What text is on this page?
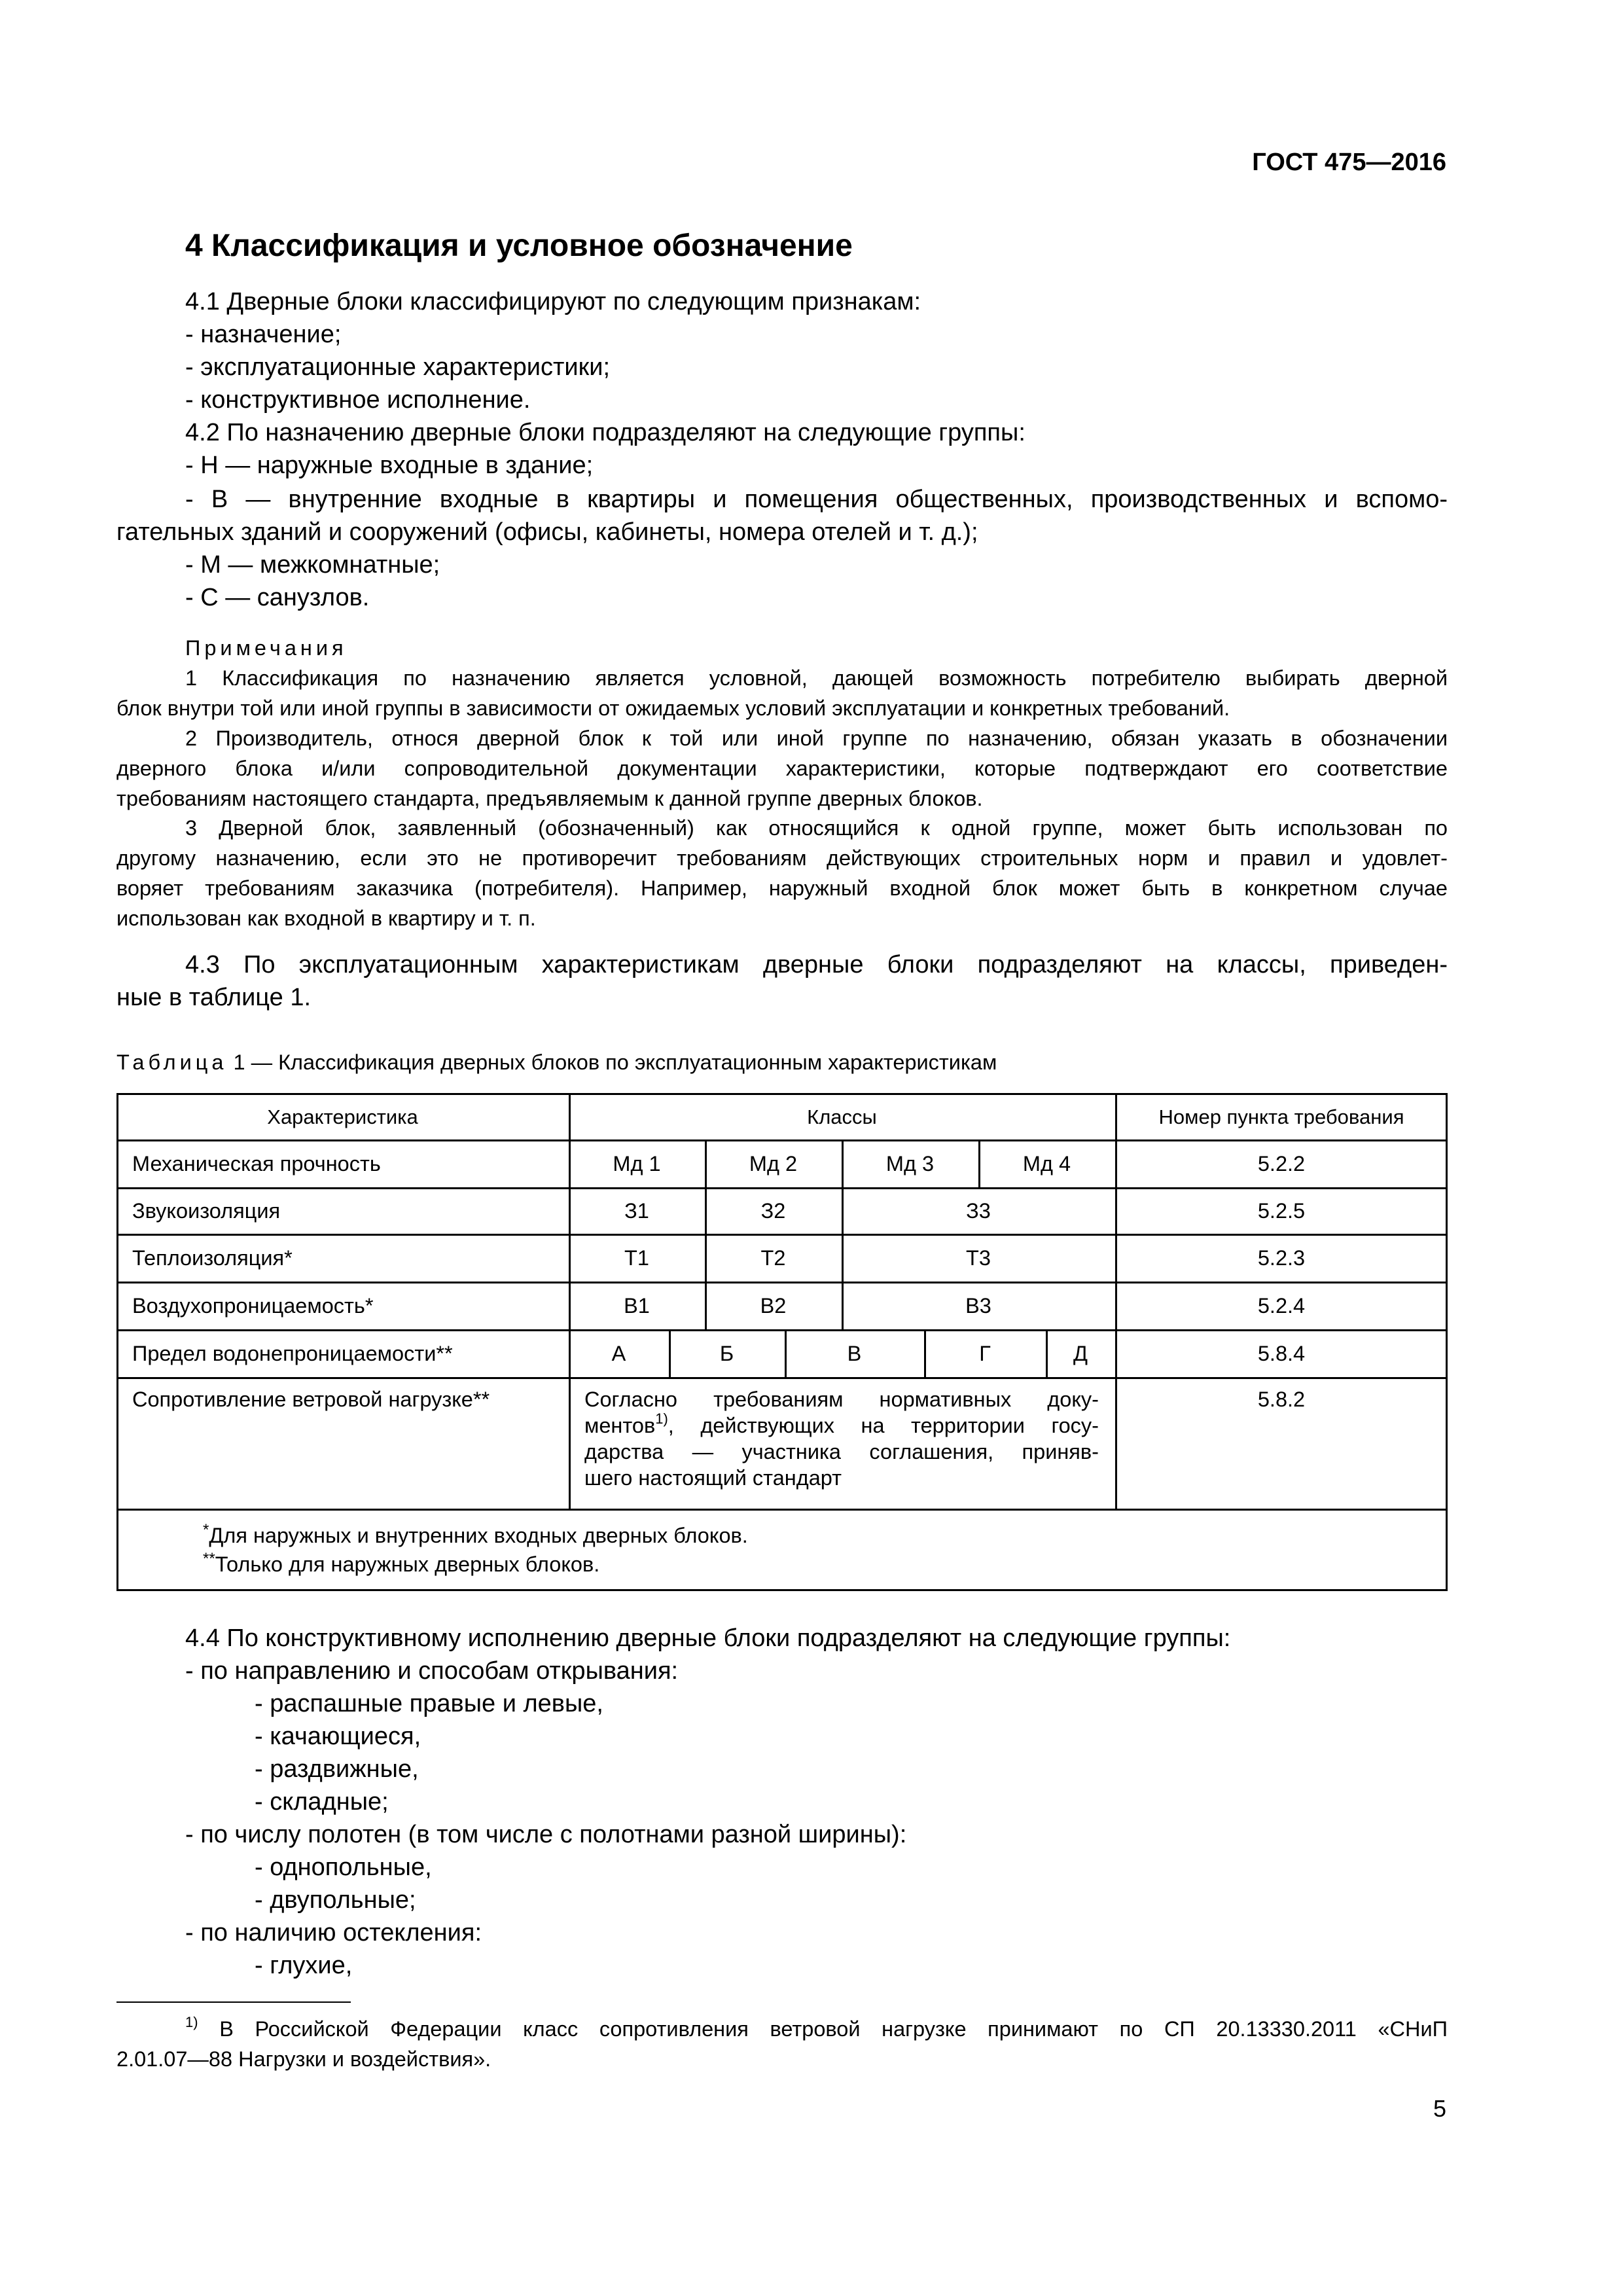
ГОСТ 475—2016
4 Классификация и условное обозначение
4.1 Дверные блоки классифицируют по следующим признакам:
- назначение;
- эксплуатационные характеристики;
- конструктивное исполнение.
4.2 По назначению дверные блоки подразделяют на следующие группы:
- Н — наружные входные в здание;
- В — внутренние входные в квартиры и помещения общественных, производственных и вспомо-
гательных зданий и сооружений (офисы, кабинеты, номера отелей и т. д.);
- М — межкомнатные;
- С — санузлов.
Примечания
1 Классификация по назначению является условной, дающей возможность потребителю выбирать дверной
блок внутри той или иной группы в зависимости от ожидаемых условий эксплуатации и конкретных требований.
2 Производитель, относя дверной блок к той или иной группе по назначению, обязан указать в обозначении
дверного блока и/или сопроводительной документации характеристики, которые подтверждают его соответствие
требованиям настоящего стандарта, предъявляемым к данной группе дверных блоков.
3 Дверной блок, заявленный (обозначенный) как относящийся к одной группе, может быть использован по
другому назначению, если это не противоречит требованиям действующих строительных норм и правил и удовлет-
воряет требованиям заказчика (потребителя). Например, наружный входной блок может быть в конкретном случае
использован как входной в квартиру и т. п.
4.3 По эксплуатационным характеристикам дверные блоки подразделяют на классы, приведен-
ные в таблице 1.
Таблица 1 — Классификация дверных блоков по эксплуатационным характеристикам
Характеристика	Классы	Номер пункта требования
Механическая прочность	Мд 1	Мд 2	Мд 3	Мд 4	5.2.2
Звукоизоляция	З1	З2	З3	5.2.5
Теплоизоляция*	Т1	Т2	Т3	5.2.3
Воздухопроницаемость*	В1	В2	В3	5.2.4
Предел водонепроницаемости**	А	Б	В	Г	Д	5.8.4
Сопротивление ветровой нагрузке**	Согласно требованиям нормативных доку-
ментов$^{1)}$, действующих на территории госу-
дарства — участника соглашения, приняв-
шего настоящий стандарт
5.8.2
*Для наружных и внутренних входных дверных блоков.
**Только для наружных дверных блоков.
4.4 По конструктивному исполнению дверные блоки подразделяют на следующие группы:
- по направлению и способам открывания:
- распашные правые и левые,
- качающиеся,
- раздвижные,
- складные;
- по числу полотен (в том числе с полотнами разной ширины):
- однопольные,
- двупольные;
- по наличию остекления:
- глухие,
$^{1)}$ В Российской Федерации класс сопротивления ветровой нагрузке принимают по СП 20.13330.2011 «СНиП
2.01.07—88 Нагрузки и воздействия».
5
